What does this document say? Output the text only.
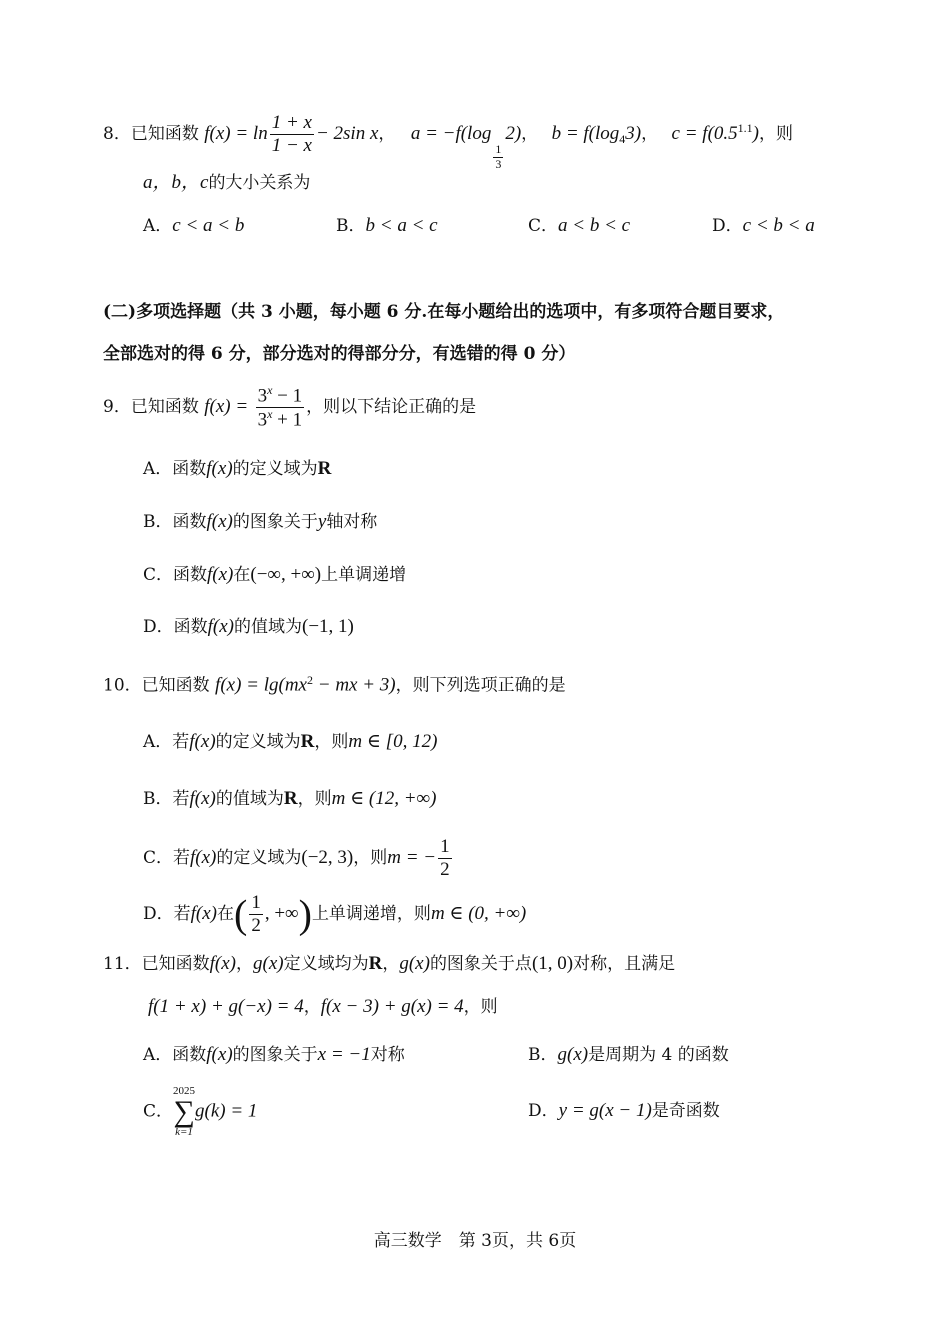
8．已知函数 $f(x) = \ln \frac{1 + x}{1 - x} - 2\sin$ x， a = −f(log
$\frac{1}{3}$
2)， $b = f(\log_43)$， $c = f(0.5^{1.1})$，则
a，b，c的大小关系为
A．c < a < b	B．b < a < c	C．a < b < c	D．c < b < a
(二)多项选择题（共 3 小题，每小题 6 分.在每小题给出的选项中，有多项符合题目要求，
全部选对的得 6 分，部分选对的得部分分，有选错的得 0 分）
9．已知函数 $f(x) = \frac{3^x - 1}{3^x + 1}$ ，则以下结论正确的是
A．函数f(x)的定义域为R
B．函数f(x)的图象关于y轴对称
C．函数f(x)在(−∞, +∞)上单调递增
D．函数f(x)的值域为(−1, 1)
10．已知函数 $f(x) = \lg(mx^2$ − mx + 3)，则下列选项正确的是
A．若f(x)的定义域为R，则m ∈ [0, 12)
B．若f(x)的值域为R，则m ∈ (12, +∞)
C．若f(x)的定义域为(−2, 3)，则m = − $\frac{1}{2}$
D．若f(x)在( $\frac{1}{2}$ , +∞)上单调递增，则m ∈ (0, +∞)
11．已知函数f(x)，g(x)定义域均为R，g(x)的图象关于点(1, 0)对称，且满足
f(1 + x) + g(−x) = 4，f(x − 3) + g(x) = 4，则
A．函数f(x)的图象关于x = −1对称	B．g(x)是周期为 4 的函数
C．
2025
∑
k=1
g(k) = 1	D．y = g(x − 1)是奇函数
高三数学　第 3页，共 6页
